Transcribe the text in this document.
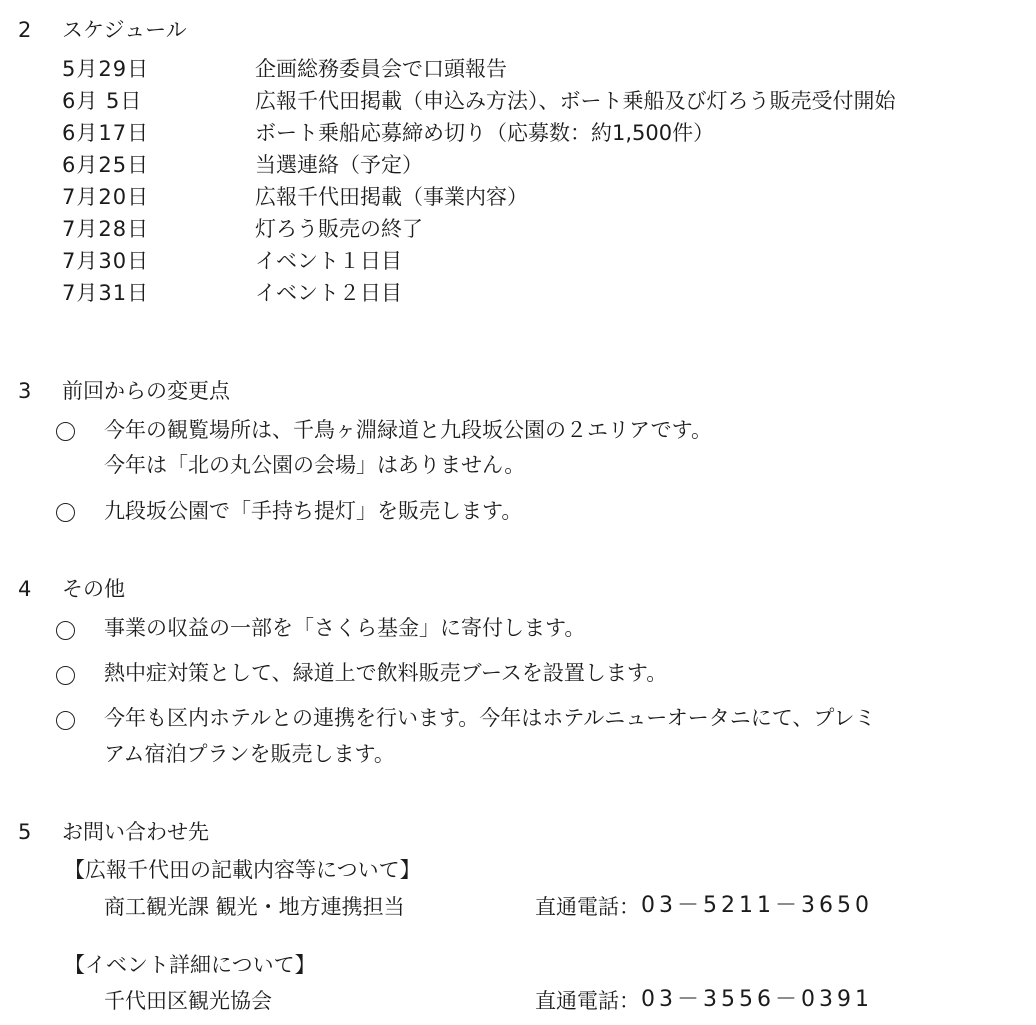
2 スケジュール
5月29日	企画総務委員会で口頭報告
6月 5日	広報千代田掲載（申込み方法）、ボート乗船及び灯ろう販売受付開始
6月17日	ボート乗船応募締め切り（応募数：約1,500件）
6月25日	当選連絡（予定）
7月20日	広報千代田掲載（事業内容）
7月28日	灯ろう販売の終了
7月30日	イベント１日目
7月31日	イベント２日目
3 前回からの変更点
今年の観覧場所は、千鳥ヶ淵緑道と九段坂公園の２エリアです。
今年は「北の丸公園の会場」はありません。
九段坂公園で「手持ち提灯」を販売します。
4 その他
事業の収益の一部を「さくら基金」に寄付します。
熱中症対策として、緑道上で飲料販売ブースを設置します。
今年も区内ホテルとの連携を行います。今年はホテルニューオータニにて、プレミ
アム宿泊プランを販売します。
5 お問い合わせ先
【広報千代田の記載内容等について】
商工観光課 観光・地方連携担当	直通電話： 03－5211－3650
【イベント詳細について】
千代田区観光協会	直通電話： 03－3556－0391
